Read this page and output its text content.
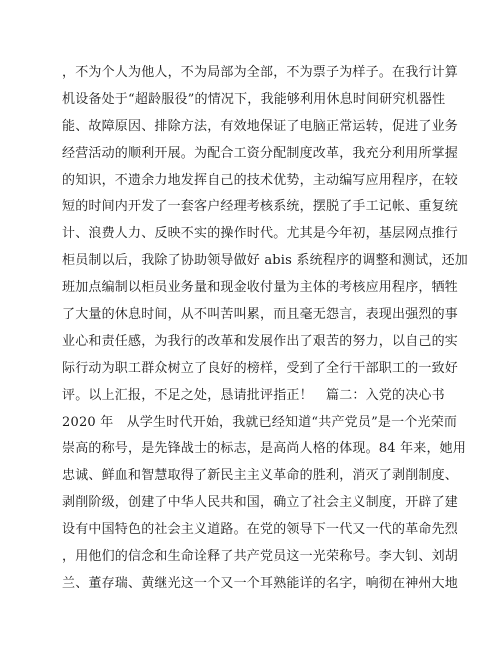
，不为个人为他人，不为局部为全部，不为票子为样子。在我行计算
机设备处于“超龄服役”的情况下，我能够利用休息时间研究机器性
能、故障原因、排除方法，有效地保证了电脑正常运转，促进了业务
经营活动的顺利开展。为配合工资分配制度改革，我充分利用所掌握
的知识，不遗余力地发挥自己的技术优势，主动编写应用程序，在较
短的时间内开发了一套客户经理考核系统，摆脱了手工记帐、重复统
计、浪费人力、反映不实的操作时代。尤其是今年初，基层网点推行
柜员制以后，我除了协助领导做好 abis 系统程序的调整和测试，还加
班加点编制以柜员业务量和现金收付量为主体的考核应用程序，牺牲
了大量的休息时间，从不叫苦叫累，而且毫无怨言，表现出强烈的事
业心和责任感，为我行的改革和发展作出了艰苦的努力，以自己的实
际行动为职工群众树立了良好的榜样，受到了全行干部职工的一致好
评。以上汇报，不足之处，恳请批评指正！　篇二：入党的决心书
2020 年　从学生时代开始，我就已经知道“共产党员”是一个光荣而
崇高的称号，是先锋战士的标志，是高尚人格的体现。84 年来，她用
忠诚、鲜血和智慧取得了新民主主义革命的胜利，消灭了剥削制度、
剥削阶级，创建了中华人民共和国，确立了社会主义制度，开辟了建
设有中国特色的社会主义道路。在党的领导下一代又一代的革命先烈
，用他们的信念和生命诠释了共产党员这一光荣称号。李大钊、刘胡
兰、董存瑞、黄继光这一个又一个耳熟能详的名字，响彻在神州大地
